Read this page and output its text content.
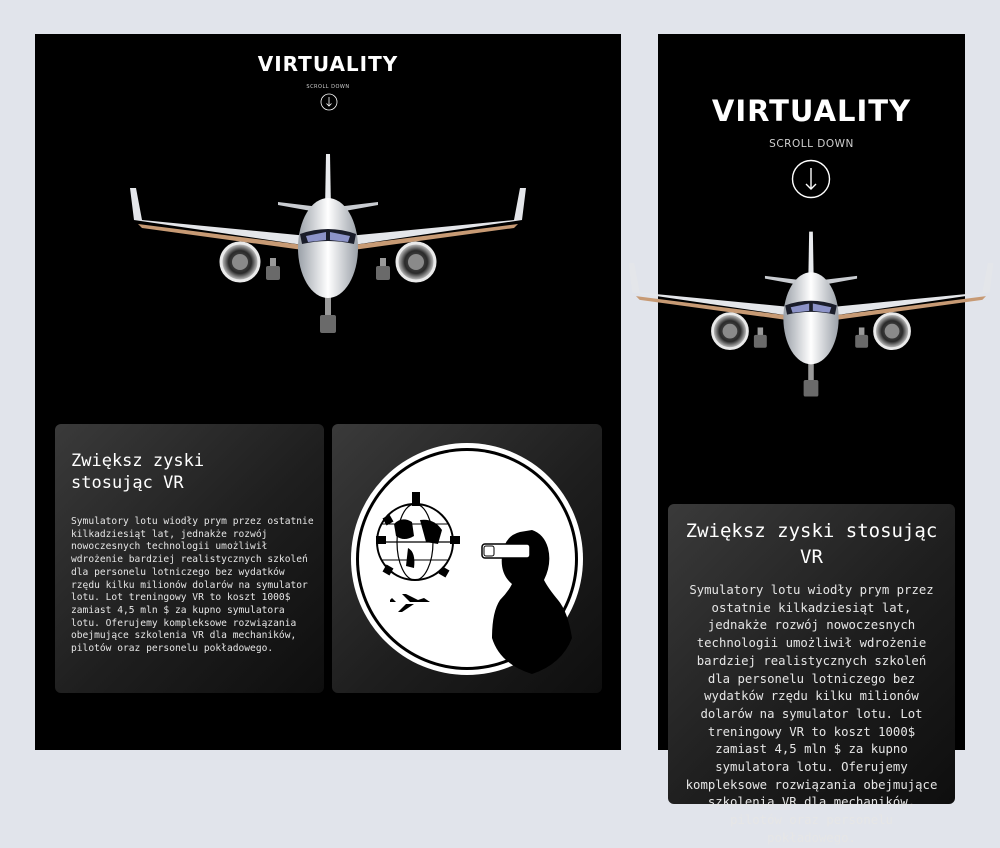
VIRTUALITY
SCROLL DOWN
Zwiększ zyski stosując VR
Symulatory lotu wiodły prym przez ostatnie kilkadziesiąt lat, jednakże rozwój nowoczesnych technologii umożliwił wdrożenie bardziej realistycznych szkoleń dla personelu lotniczego bez wydatków rzędu kilku milionów dolarów na symulator lotu. Lot treningowy VR to koszt 1000$ zamiast 4,5 mln $ za kupno symulatora lotu. Oferujemy kompleksowe rozwiązania obejmujące szkolenia VR dla mechaników, pilotów oraz personelu pokładowego.
VIRTUALITY
SCROLL DOWN
Zwiększ zyski stosując VR
Symulatory lotu wiodły prym przez ostatnie kilkadziesiąt lat, jednakże rozwój nowoczesnych technologii umożliwił wdrożenie bardziej realistycznych szkoleń dla personelu lotniczego bez wydatków rzędu kilku milionów dolarów na symulator lotu. Lot treningowy VR to koszt 1000$ zamiast 4,5 mln $ za kupno symulatora lotu. Oferujemy kompleksowe rozwiązania obejmujące szkolenia VR dla mechaników, pilotów oraz personelu pokładowego.
